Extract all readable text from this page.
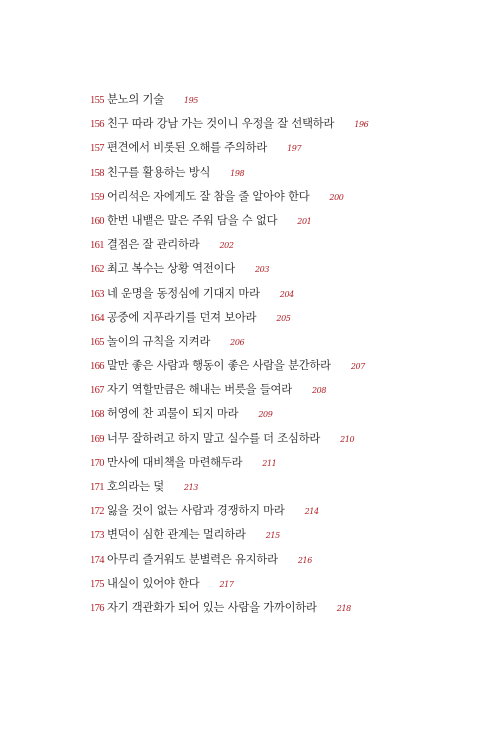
155 분노의 기술	195
156 친구 따라 강남 가는 것이니 우정을 잘 선택하라	196
157 편견에서 비롯된 오해를 주의하라	197
158 친구를 활용하는 방식	198
159 어리석은 자에게도 잘 참을 줄 알아야 한다	200
160 한번 내뱉은 말은 주워 담을 수 없다	201
161 결점은 잘 관리하라	202
162 최고 복수는 상황 역전이다	203
163 네 운명을 동정심에 기대지 마라	204
164 공중에 지푸라기를 던져 보아라	205
165 놀이의 규칙을 지켜라	206
166 말만 좋은 사람과 행동이 좋은 사람을 분간하라	207
167 자기 역할만큼은 해내는 버릇을 들여라	208
168 허영에 찬 괴물이 되지 마라	209
169 너무 잘하려고 하지 말고 실수를 더 조심하라	210
170 만사에 대비책을 마련해두라	211
171 호의라는 덫	213
172 잃을 것이 없는 사람과 경쟁하지 마라	214
173 변덕이 심한 관계는 멀리하라	215
174 아무리 즐거워도 분별력은 유지하라	216
175 내실이 있어야 한다	217
176 자기 객관화가 되어 있는 사람을 가까이하라	218
